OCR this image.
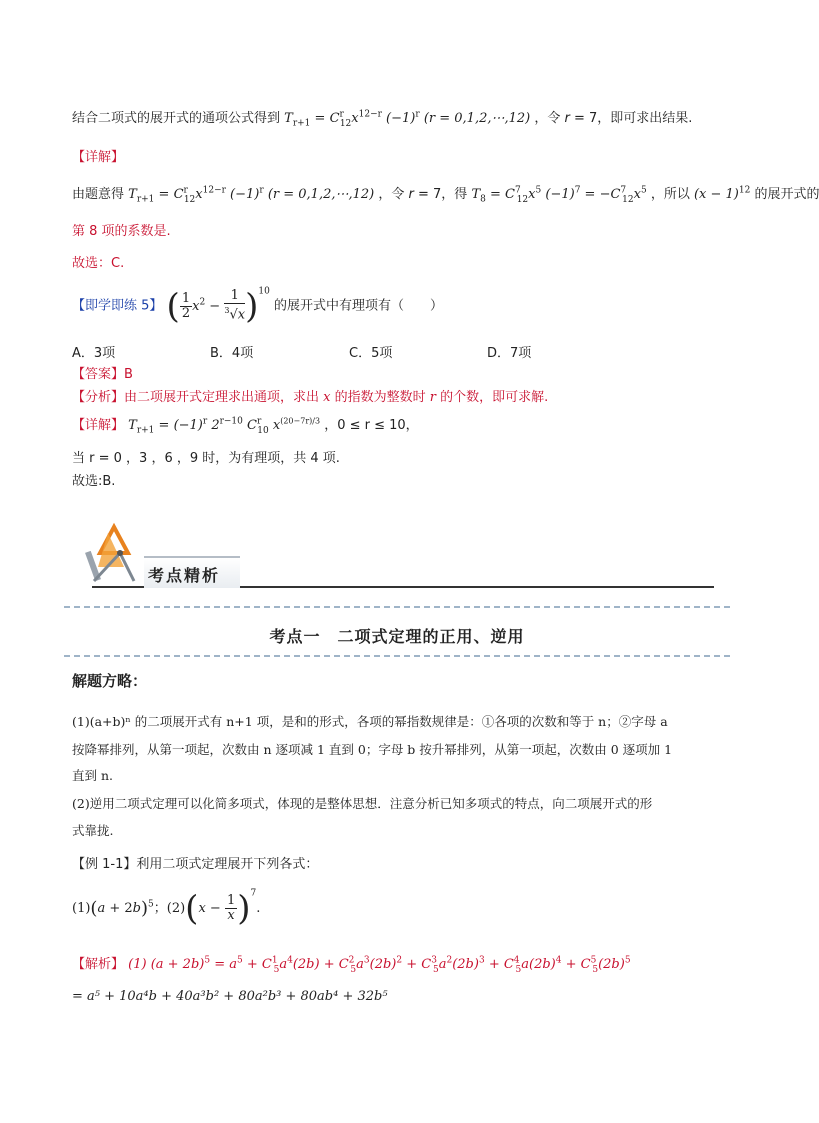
结合二项式的展开式的通项公式得到 $T_{r+1} = C^r_{12}x^{12-r}$ $(-1)^r$ (r = 0,1,2,⋯,12) ，令 r = 7，即可求出结果.
【详解】
由题意得 $T_{r+1} = C^r_{12}x^{12-r}$ $(-1)^r$ (r = 0,1,2,⋯,12) ，令 r = 7，得 $T_8 = C^7_{12}x^5$ $(-1)^7 = -C^7_{12}x^5$ ，所以 $(x - 1)^{12}$ 的展开式的
第 8 项的系数是.
故选：C.
【即学即练 5】 ( $\frac{1}{2} x^2 - \frac{1}{^3√x} )^{10}$ 的展开式中有理项有（　　）
A．3项	B．4项	C．5项	D．7项
【答案】B
【分析】由二项展开式定理求出通项，求出 x 的指数为整数时 r 的个数，即可求解.
【详解】 $T_{r+1} = (-1)^r$ $2^{r-10}$ $C^r_{10}$ $x^{(20-7r)/3}$ ，0 ≤ r ≤ 10，
当 r = 0 ，3 ，6 ，9 时，为有理项，共 4 项.
故选:B.
考点精析
考点一　二项式定理的正用、逆用
解题方略：
(1)(a+b)ⁿ 的二项展开式有 n+1 项，是和的形式，各项的幂指数规律是：①各项的次数和等于 n；②字母 a
按降幂排列，从第一项起，次数由 n 逐项减 1 直到 0；字母 b 按升幂排列，从第一项起，次数由 0 逐项加 1
直到 n.
(2)逆用二项式定理可以化简多项式，体现的是整体思想．注意分析已知多项式的特点，向二项展开式的形
式靠拢.
【例 1-1】利用二项式定理展开下列各式：
$(1)(a + 2b)^5$；$(2)(x - \frac{1}{x} )^7$.
【解析】 (1) $(a + 2b)^5 = a^5 + C^1_5a^4(2b) + C^2_5a^3(2b)^2 + C^3_5a^2(2b)^3 + C^4_5a(2b)^4 + C^5_5(2b)^5$
= a⁵ + 10a⁴b + 40a³b² + 80a²b³ + 80ab⁴ + 32b⁵
